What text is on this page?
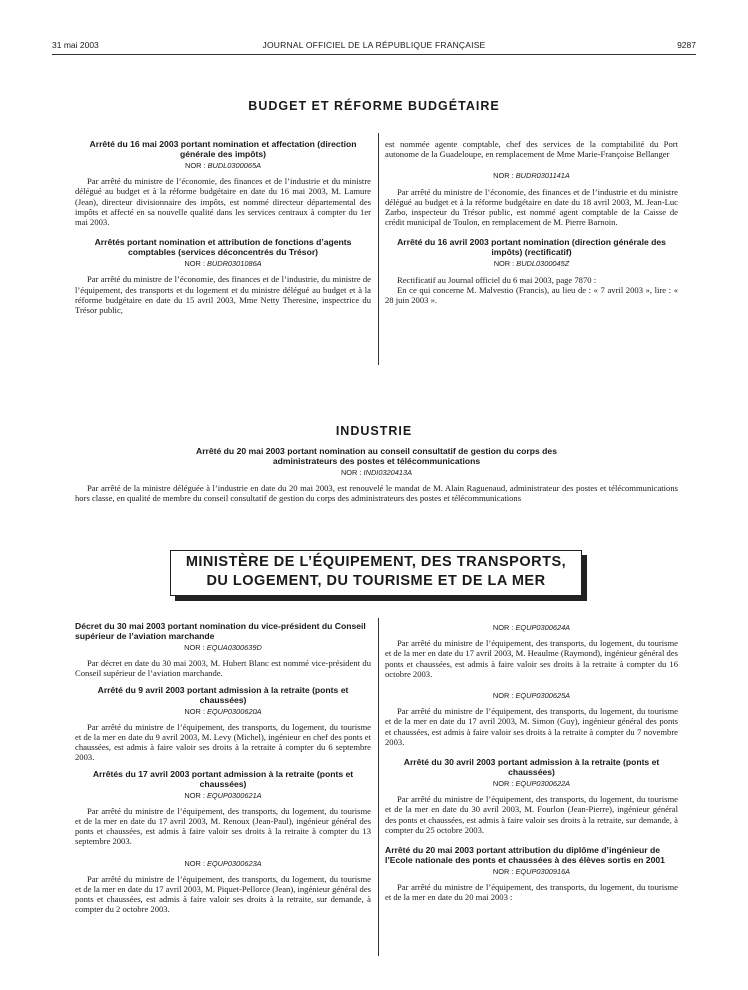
31 mai 2003	JOURNAL OFFICIEL DE LA RÉPUBLIQUE FRANÇAISE	9287
BUDGET ET RÉFORME BUDGÉTAIRE
Arrêté du 16 mai 2003 portant nomination et affectation (direction générale des impôts)
NOR : BUDL0300065A

Par arrêté du ministre de l’économie, des finances et de l’industrie et du ministre délégué au budget et à la réforme budgétaire en date du 16 mai 2003, M. Lamure (Jean), directeur divisionnaire des impôts, est nommé directeur départemental des impôts et affecté en sa nouvelle qualité dans les services centraux à compter du 1er mai 2003.

Arrêtés portant nomination et attribution de fonctions d’agents comptables (services déconcentrés du Trésor)
NOR : BUDR0301086A

Par arrêté du ministre de l’économie, des finances et de l’industrie, du ministre de l’équipement, des transports et du logement et du ministre délégué au budget et à la réforme budgétaire en date du 15 avril 2003, Mme Netty Theresine, inspectrice du Trésor public,

est nommée agente comptable, chef des services de la comptabilité du Port autonome de la Guadeloupe, en remplacement de Mme Marie-Françoise Bellanger

NOR : BUDR0301141A

Par arrêté du ministre de l’économie, des finances et de l’industrie et du ministre délégué au budget et à la réforme budgétaire en date du 18 avril 2003, M. Jean-Luc Zarbo, inspecteur du Trésor public, est nommé agent comptable de la Caisse de crédit municipal de Toulon, en remplacement de M. Pierre Barnoin.

Arrêté du 16 avril 2003 portant nomination (direction générale des impôts) (rectificatif)
NOR : BUDL0300045Z

Rectificatif au Journal officiel du 6 mai 2003, page 7870 :

En ce qui concerne M. Malvestio (Francis), au lieu de : « 7 avril 2003 », lire : « 28 juin 2003 ».

INDUSTRIE
Arrêté du 20 mai 2003 portant nomination au conseil consultatif de gestion du corps des administrateurs des postes et télécommunications
NOR : INDI0320413A

Par arrêté de la ministre déléguée à l’industrie en date du 20 mai 2003, est renouvelé le mandat de M. Alain Raguenaud, administrateur des postes et télécommunications hors classe, en qualité de membre du conseil consultatif de gestion du corps des administrateurs des postes et télécommunications

MINISTÈRE DE L’ÉQUIPEMENT, DES TRANSPORTS,
DU LOGEMENT, DU TOURISME ET DE LA MER
Décret du 30 mai 2003 portant nomination du vice-président du Conseil supérieur de l’aviation marchande
NOR : EQUA0300639D

Par décret en date du 30 mai 2003, M. Hubert Blanc est nommé vice-président du Conseil supérieur de l’aviation marchande.

Arrêté du 9 avril 2003 portant admission à la retraite (ponts et chaussées)
NOR : EQUP0300620A

Par arrêté du ministre de l’équipement, des transports, du logement, du tourisme et de la mer en date du 9 avril 2003, M. Levy (Michel), ingénieur en chef des ponts et chaussées, est admis à faire valoir ses droits à la retraite à compter du 6 septembre 2003.

Arrêtés du 17 avril 2003 portant admission à la retraite (ponts et chaussées)
NOR : EQUP0300621A

Par arrêté du ministre de l’équipement, des transports, du logement, du tourisme et de la mer en date du 17 avril 2003, M. Renoux (Jean-Paul), ingénieur général des ponts et chaussées, est admis à faire valoir ses droits à la retraite à compter du 13 septembre 2003.

NOR : EQUP0300623A

Par arrêté du ministre de l’équipement, des transports, du logement, du tourisme et de la mer en date du 17 avril 2003, M. Piquet-Pellorce (Jean), ingénieur général des ponts et chaussées, est admis à faire valoir ses droits à la retraite, sur demande, à compter du 2 octobre 2003.

NOR : EQUP0300624A

Par arrêté du ministre de l’équipement, des transports, du logement, du tourisme et de la mer en date du 17 avril 2003, M. Heaulme (Raymond), ingénieur général des ponts et chaussées, est admis à faire valoir ses droits à la retraite à compter du 16 octobre 2003.

NOR : EQUP0300625A

Par arrêté du ministre de l’équipement, des transports, du logement, du tourisme et de la mer en date du 17 avril 2003, M. Simon (Guy), ingénieur général des ponts et chaussées, est admis à faire valoir ses droits à la retraite à compter du 7 novembre 2003.

Arrêté du 30 avril 2003 portant admission à la retraite (ponts et chaussées)
NOR : EQUP0300622A

Par arrêté du ministre de l’équipement, des transports, du logement, du tourisme et de la mer en date du 30 avril 2003, M. Fourlon (Jean-Pierre), ingénieur général des ponts et chaussées, est admis à faire valoir ses droits à la retraite, sur demande, à compter du 25 octobre 2003.

Arrêté du 20 mai 2003 portant attribution du diplôme d’ingénieur de l’Ecole nationale des ponts et chaussées à des élèves sortis en 2001
NOR : EQUP0300916A

Par arrêté du ministre de l’équipement, des transports, du logement, du tourisme et de la mer en date du 20 mai 2003 :
